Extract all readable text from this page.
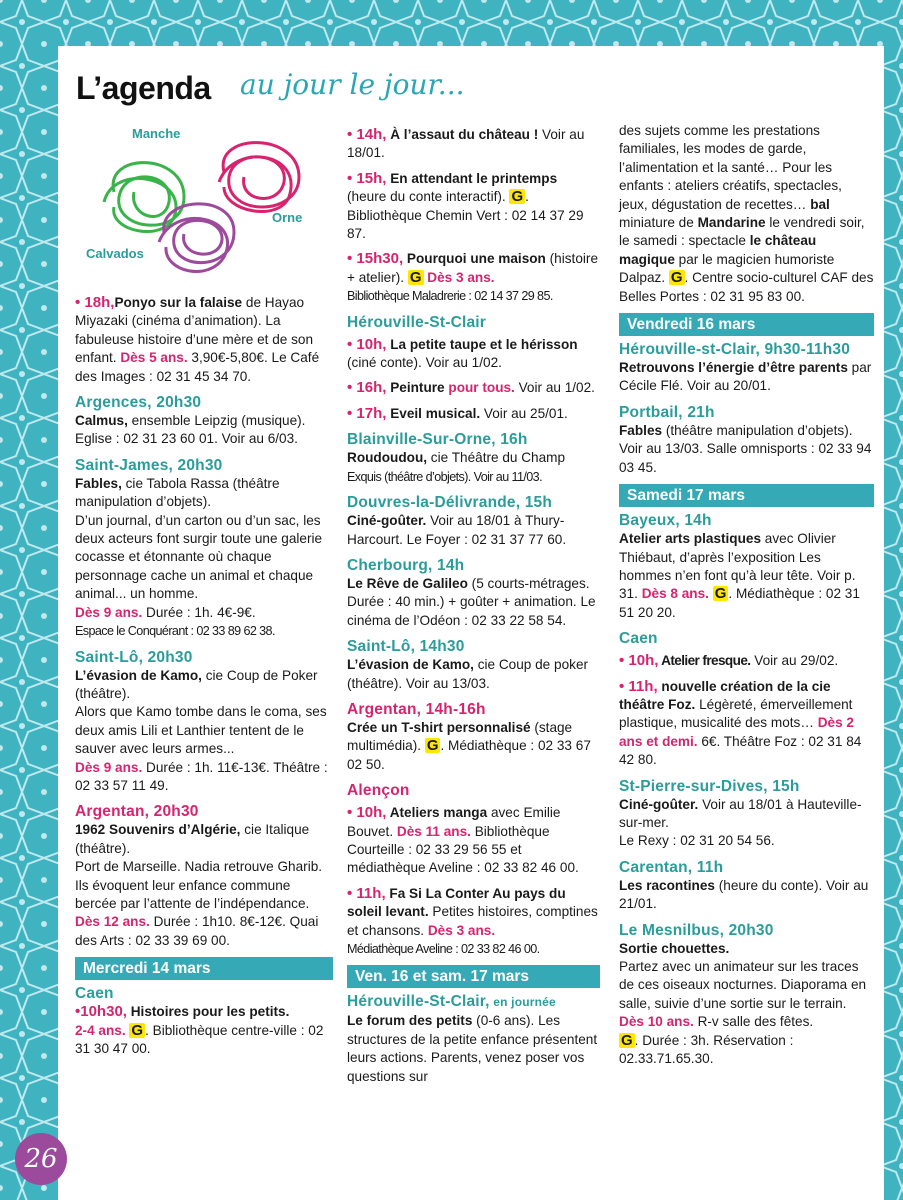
L’agenda au jour le jour...
Manche
Orne
Calvados

• 18h,Ponyo sur la falaise de Hayao Miyazaki (cinéma d’animation). La fabuleuse histoire d’une mère et de son enfant. Dès 5 ans. 3,90€-5,80€. Le Café des Images : 02 31 45 34 70.

Argences, 20h30
Calmus, ensemble Leipzig (musique). Eglise : 02 31 23 60 01. Voir au 6/03.

Saint-James, 20h30
Fables, cie Tabola Rassa (théâtre manipulation d’objets).
D’un journal, d’un carton ou d’un sac, les deux acteurs font surgir toute une galerie cocasse et étonnante où chaque personnage cache un animal et chaque animal... un homme.
Dès 9 ans. Durée : 1h. 4€-9€.
Espace le Conquérant : 02 33 89 62 38.

Saint-Lô, 20h30
L’évasion de Kamo, cie Coup de Poker (théâtre).
Alors que Kamo tombe dans le coma, ses deux amis Lili et Lanthier tentent de le sauver avec leurs armes...
Dès 9 ans. Durée : 1h. 11€-13€. Théâtre : 02 33 57 11 49.

Argentan, 20h30
1962 Souvenirs d’Algérie, cie Italique (théâtre).
Port de Marseille. Nadia retrouve Gharib. Ils évoquent leur enfance commune bercée par l’attente de l’indépendance.
Dès 12 ans. Durée : 1h10. 8€-12€. Quai des Arts : 02 33 39 69 00.

Mercredi 14 mars

Caen
•10h30, Histoires pour les petits.
2-4 ans. G . Bibliothèque centre-ville : 02 31 30 47 00.

• 14h, À l’assaut du château ! Voir au 18/01.

• 15h, En attendant le printemps (heure du conte interactif). G . Bibliothèque Chemin Vert : 02 14 37 29 87.

• 15h30, Pourquoi une maison (histoire + atelier). G Dès 3 ans.
Bibliothèque Maladrerie : 02 14 37 29 85.

Hérouville-St-Clair

• 10h, La petite taupe et le hérisson (ciné conte). Voir au 1/02.

• 16h, Peinture pour tous. Voir au 1/02.

• 17h, Eveil musical. Voir au 25/01.

Blainville-Sur-Orne, 16h
Roudoudou, cie Théâtre du Champ Exquis (théâtre d’objets). Voir au 11/03.

Douvres-la-Délivrande, 15h
Ciné-goûter. Voir au 18/01 à Thury-Harcourt. Le Foyer : 02 31 37 77 60.

Cherbourg, 14h
Le Rêve de Galileo (5 courts-métrages. Durée : 40 min.) + goûter + animation. Le cinéma de l’Odéon : 02 33 22 58 54.

Saint-Lô, 14h30
L’évasion de Kamo, cie Coup de poker (théâtre). Voir au 13/03.

Argentan, 14h-16h
Crée un T-shirt personnalisé (stage multimédia). G . Médiathèque : 02 33 67 02 50.

Alençon

• 10h, Ateliers manga avec Emilie Bouvet. Dès 11 ans. Bibliothèque Courteille : 02 33 29 56 55 et médiathèque Aveline : 02 33 82 46 00.

• 11h, Fa Si La Conter Au pays du soleil levant. Petites histoires, comptines et chansons. Dès 3 ans.
Médiathèque Aveline : 02 33 82 46 00.

Ven. 16 et sam. 17 mars

Hérouville-St-Clair, en journée
Le forum des petits (0-6 ans). Les structures de la petite enfance présentent leurs actions. Parents, venez poser vos questions sur

des sujets comme les prestations familiales, les modes de garde, l’alimentation et la santé… Pour les enfants : ateliers créatifs, spectacles, jeux, dégustation de recettes… bal miniature de Mandarine le vendredi soir, le samedi : spectacle le château magique par le magicien humoriste Dalpaz. G . Centre socio-culturel CAF des Belles Portes : 02 31 95 83 00.

Vendredi 16 mars

Hérouville-st-Clair, 9h30-11h30
Retrouvons l’énergie d’être parents par Cécile Flé. Voir au 20/01.

Portbail, 21h
Fables (théâtre manipulation d’objets). Voir au 13/03. Salle omnisports : 02 33 94 03 45.

Samedi 17 mars

Bayeux, 14h
Atelier arts plastiques avec Olivier Thiébaut, d’après l’exposition Les hommes n’en font qu’à leur tête. Voir p. 31. Dès 8 ans. G . Médiathèque : 02 31 51 20 20.

Caen

• 10h, Atelier fresque. Voir au 29/02.

• 11h, nouvelle création de la cie théâtre Foz. Légèreté, émerveillement plastique, musicalité des mots… Dès 2 ans et demi. 6€. Théâtre Foz : 02 31 84 42 80.

St-Pierre-sur-Dives, 15h
Ciné-goûter. Voir au 18/01 à Hauteville-sur-mer.
Le Rexy : 02 31 20 54 56.

Carentan, 11h
Les racontines (heure du conte). Voir au 21/01.

Le Mesnilbus, 20h30
Sortie chouettes.
Partez avec un animateur sur les traces de ces oiseaux nocturnes. Diaporama en salle, suivie d’une sortie sur le terrain.
Dès 10 ans. R-v salle des fêtes.
G . Durée : 3h. Réservation : 02.33.71.65.30.

26
